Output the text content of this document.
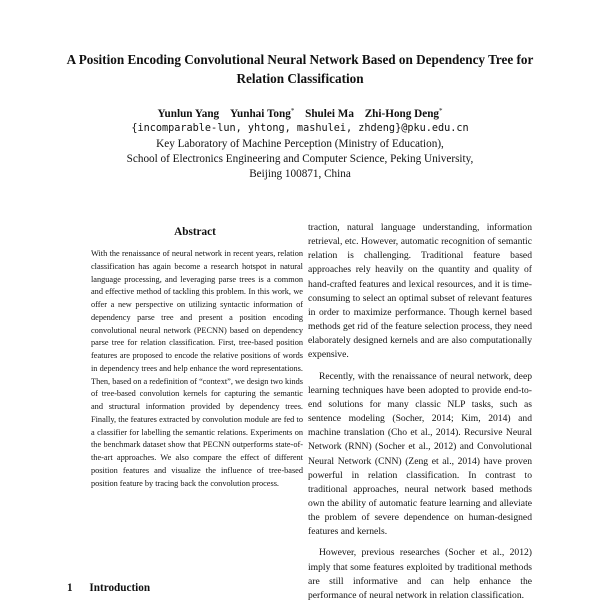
A Position Encoding Convolutional Neural Network Based on Dependency Tree for Relation Classification
Yunlun Yang Yunhai Tong* Shulei Ma Zhi-Hong Deng*
{incomparable-lun, yhtong, mashulei, zhdeng}@pku.edu.cn
Key Laboratory of Machine Perception (Ministry of Education),
School of Electronics Engineering and Computer Science, Peking University,
Beijing 100871, China
Abstract
With the renaissance of neural network in recent years, relation classification has again become a research hotspot in natural language processing, and leveraging parse trees is a common and effective method of tackling this problem. In this work, we offer a new perspective on utilizing syntactic information of dependency parse tree and present a position encoding convolutional neural network (PECNN) based on dependency parse tree for relation classification. First, tree-based position features are proposed to encode the relative positions of words in dependency trees and help enhance the word representations. Then, based on a redefinition of “context”, we design two kinds of tree-based convolution kernels for capturing the semantic and structural information provided by dependency trees. Finally, the features extracted by convolution module are fed to a classifier for labelling the semantic relations. Experiments on the benchmark dataset show that PECNN outperforms state-of-the-art approaches. We also compare the effect of different position features and visualize the influence of tree-based position feature by tracing back the convolution process.
1 Introduction

traction, natural language understanding, information retrieval, etc. However, automatic recognition of semantic relation is challenging. Traditional feature based approaches rely heavily on the quantity and quality of hand-crafted features and lexical resources, and it is time-consuming to select an optimal subset of relevant features in order to maximize performance. Though kernel based methods get rid of the feature selection process, they need elaborately designed kernels and are also computationally expensive.

Recently, with the renaissance of neural network, deep learning techniques have been adopted to provide end-to-end solutions for many classic NLP tasks, such as sentence modeling (Socher, 2014; Kim, 2014) and machine translation (Cho et al., 2014). Recursive Neural Network (RNN) (Socher et al., 2012) and Convolutional Neural Network (CNN) (Zeng et al., 2014) have proven powerful in relation classification. In contrast to traditional approaches, neural network based methods own the ability of automatic feature learning and alleviate the problem of severe dependence on human-designed features and kernels.

However, previous researches (Socher et al., 2012) imply that some features exploited by traditional methods are still informative and can help enhance the performance of neural network in relation classification.
